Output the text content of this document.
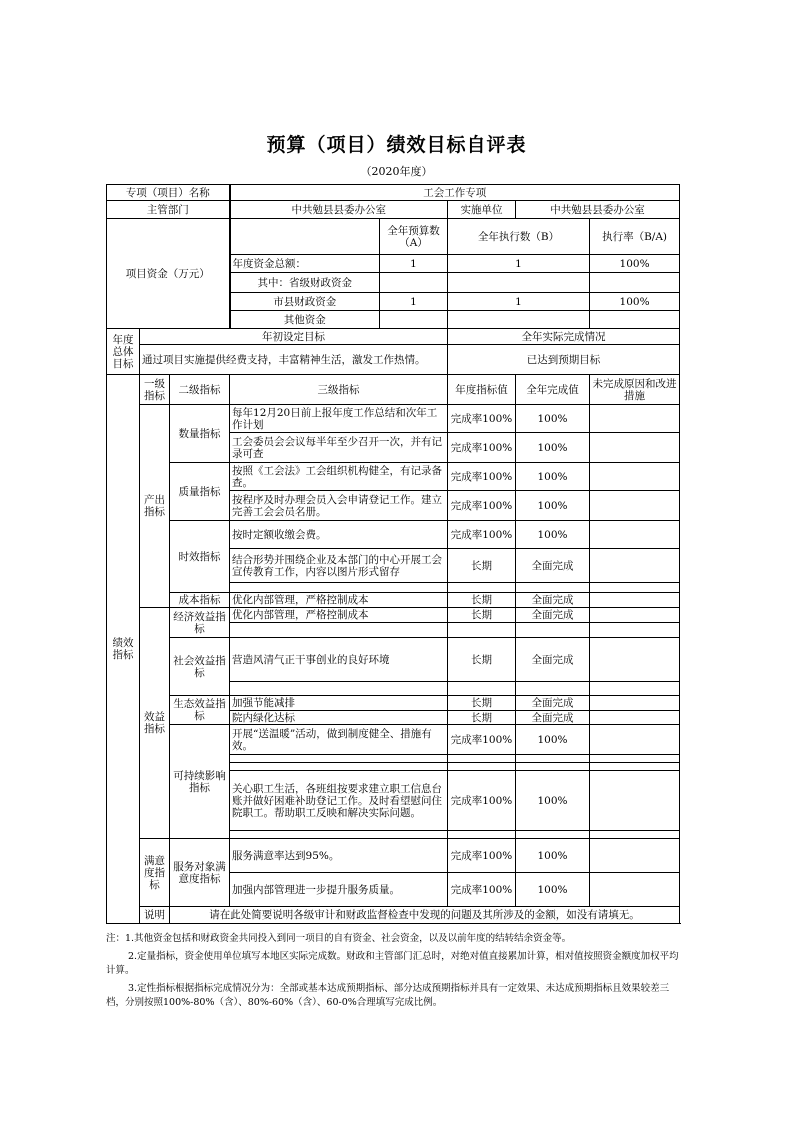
预算（项目）绩效目标自评表
（2020年度）
专项（项目）名称			工会工作专项				
主管部门			中共勉县县委办公室		实施单位	中共勉县县委办公室	
项目资金（万元）				全年预算数（A）	全年执行数（B）		执行率（B/A)
			年度资金总额：	1	1		100%
			其中：省级财政资金				
			市县财政资金	1	1		100%
			其他资金				
年度总体目标	年初设定目标				全年实际完成情况		
	通过项目实施提供经费支持，丰富精神生活，激发工作热情。				已达到预期目标		
绩效指标	一级指标	二级指标	三级指标		年度指标值	全年完成值	未完成原因和改进措施
	产出指标	数量指标	每年12月20日前上报年度工作总结和次年工作计划		完成率100%	100%	
			工会委员会会议每半年至少召开一次，并有记录可查		完成率100%	100%	
		质量指标	按照《工会法》工会组织机构健全，有记录备查。		完成率100%	100%	
			按程序及时办理会员入会申请登记工作。建立完善工会会员名册。		完成率100%	100%	
		时效指标	按时定额收缴会费。		完成率100%	100%	
			结合形势并围绕企业及本部门的中心开展工会宣传教育工作，内容以图片形式留存		长期	全面完成	

		成本指标	优化内部管理，严格控制成本		长期	全面完成	
	效益指标	经济效益指标	优化内部管理，严格控制成本		长期	全面完成	

		社会效益指标	营造风清气正干事创业的良好环境		长期	全面完成	

		生态效益指标	加强节能减排		长期	全面完成	
			院内绿化达标		长期	全面完成	
		可持续影响指标	开展“送温暖”活动，做到制度健全、措施有效。		完成率100%	100%	

			关心职工生活，各班组按要求建立职工信息台账并做好困难补助登记工作。及时看望慰问住院职工。帮助职工反映和解决实际问题。		完成率100%	100%	

	满意度指标	服务对象满意度指标	服务满意率达到95%。		完成率100%	100%	
			加强内部管理进一步提升服务质量。		完成率100%	100%	
	说明	请在此处简要说明各级审计和财政监督检查中发现的问题及其所涉及的金额，如没有请填无。					

注：1.其他资金包括和财政资金共同投入到同一项目的自有资金、社会资金，以及以前年度的结转结余资金等。

2.定量指标，资金使用单位填写本地区实际完成数。财政和主管部门汇总时，对绝对值直接累加计算，相对值按照资金额度加权平均计算。

3.定性指标根据指标完成情况分为：全部或基本达成预期指标、部分达成预期指标并具有一定效果、未达成预期指标且效果较差三档，分别按照100%-80%（含）、80%-60%（含）、60-0%合理填写完成比例。
